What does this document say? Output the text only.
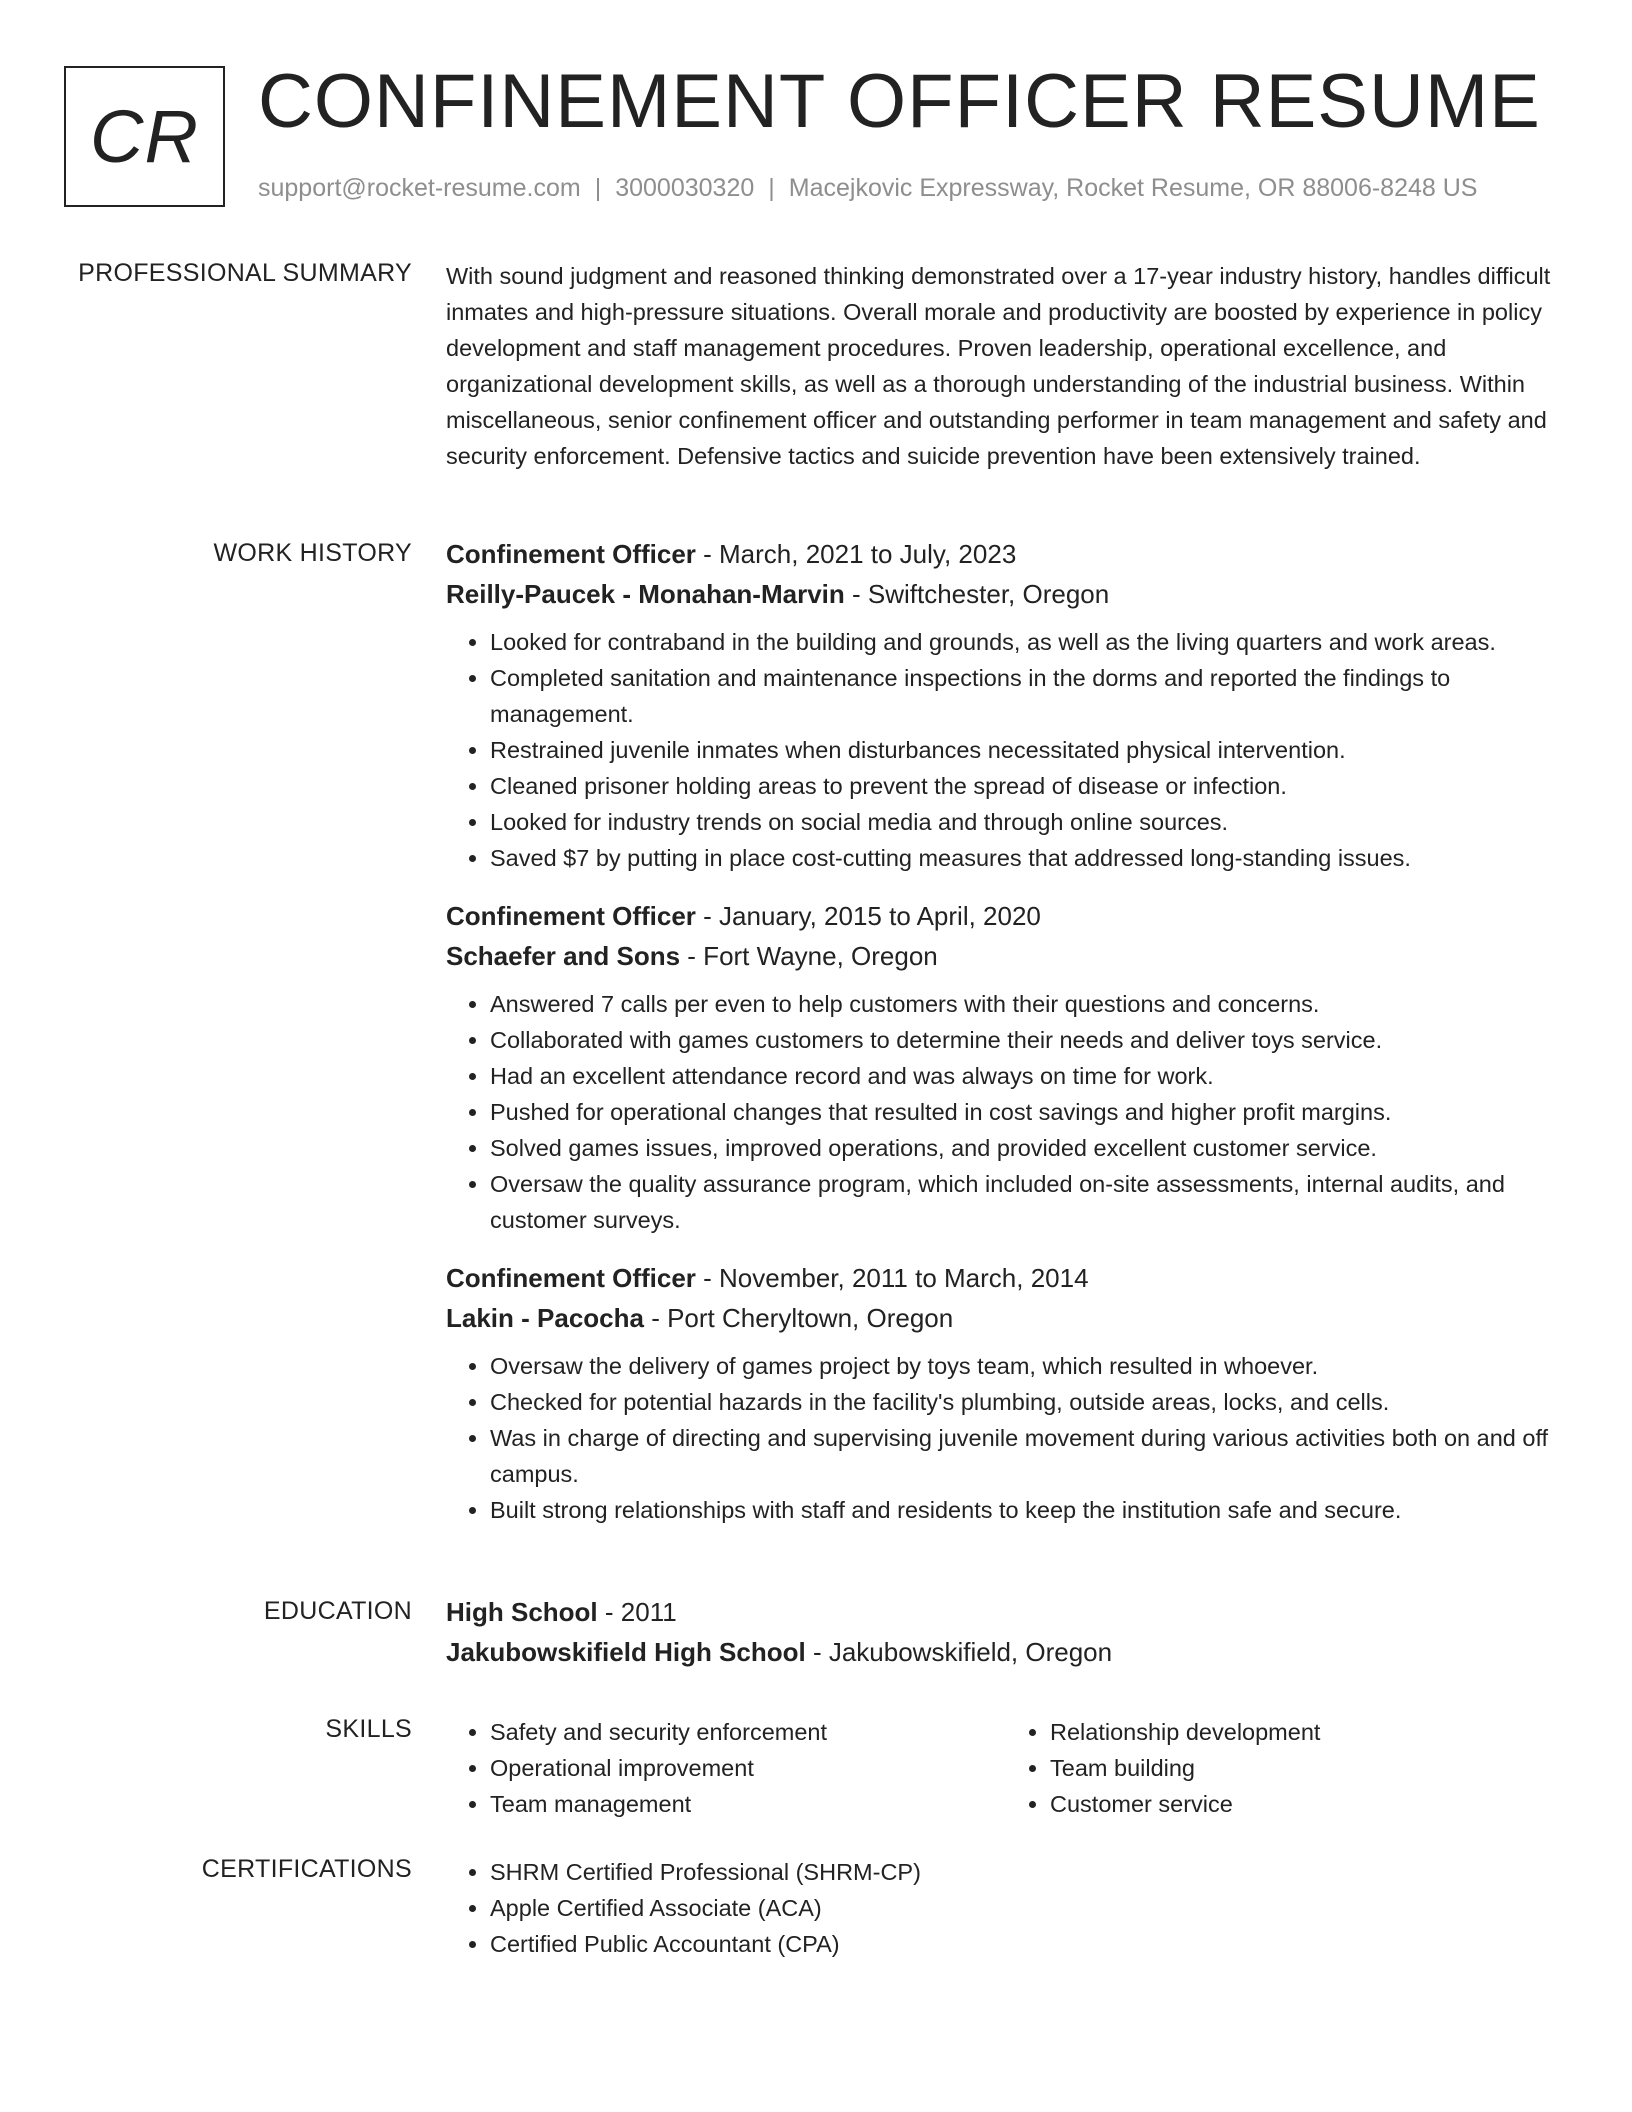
CR CONFINEMENT OFFICER RESUME
support@rocket-resume.com | 3000030320 | Macejkovic Expressway, Rocket Resume, OR 88006-8248 US
PROFESSIONAL SUMMARY With sound judgment and reasoned thinking demonstrated over a 17-year industry history, handles difficult inmates and high-pressure situations. Overall morale and productivity are boosted by experience in policy development and staff management procedures. Proven leadership, operational excellence, and organizational development skills, as well as a thorough understanding of the industrial business. Within miscellaneous, senior confinement officer and outstanding performer in team management and safety and security enforcement. Defensive tactics and suicide prevention have been extensively trained.

WORK HISTORY Confinement Officer - March, 2021 to July, 2023
Reilly-Paucek - Monahan-Marvin - Swiftchester, Oregon
• Looked for contraband in the building and grounds, as well as the living quarters and work areas.
• Completed sanitation and maintenance inspections in the dorms and reported the findings to management.
• Restrained juvenile inmates when disturbances necessitated physical intervention.
• Cleaned prisoner holding areas to prevent the spread of disease or infection.
• Looked for industry trends on social media and through online sources.
• Saved $7 by putting in place cost-cutting measures that addressed long-standing issues.
Confinement Officer - January, 2015 to April, 2020
Schaefer and Sons - Fort Wayne, Oregon
• Answered 7 calls per even to help customers with their questions and concerns.
• Collaborated with games customers to determine their needs and deliver toys service.
• Had an excellent attendance record and was always on time for work.
• Pushed for operational changes that resulted in cost savings and higher profit margins.
• Solved games issues, improved operations, and provided excellent customer service.
• Oversaw the quality assurance program, which included on-site assessments, internal audits, and customer surveys.
Confinement Officer - November, 2011 to March, 2014
Lakin - Pacocha - Port Cheryltown, Oregon
• Oversaw the delivery of games project by toys team, which resulted in whoever.
• Checked for potential hazards in the facility's plumbing, outside areas, locks, and cells.
• Was in charge of directing and supervising juvenile movement during various activities both on and off campus.
• Built strong relationships with staff and residents to keep the institution safe and secure.
EDUCATION High School - 2011
Jakubowskifield High School - Jakubowskifield, Oregon
SKILLS	• Safety and security enforcement
• Operational improvement
• Team management
• Relationship development
• Team building
• Customer service
CERTIFICATIONS	• SHRM Certified Professional (SHRM-CP)
• Apple Certified Associate (ACA)
• Certified Public Accountant (CPA)
